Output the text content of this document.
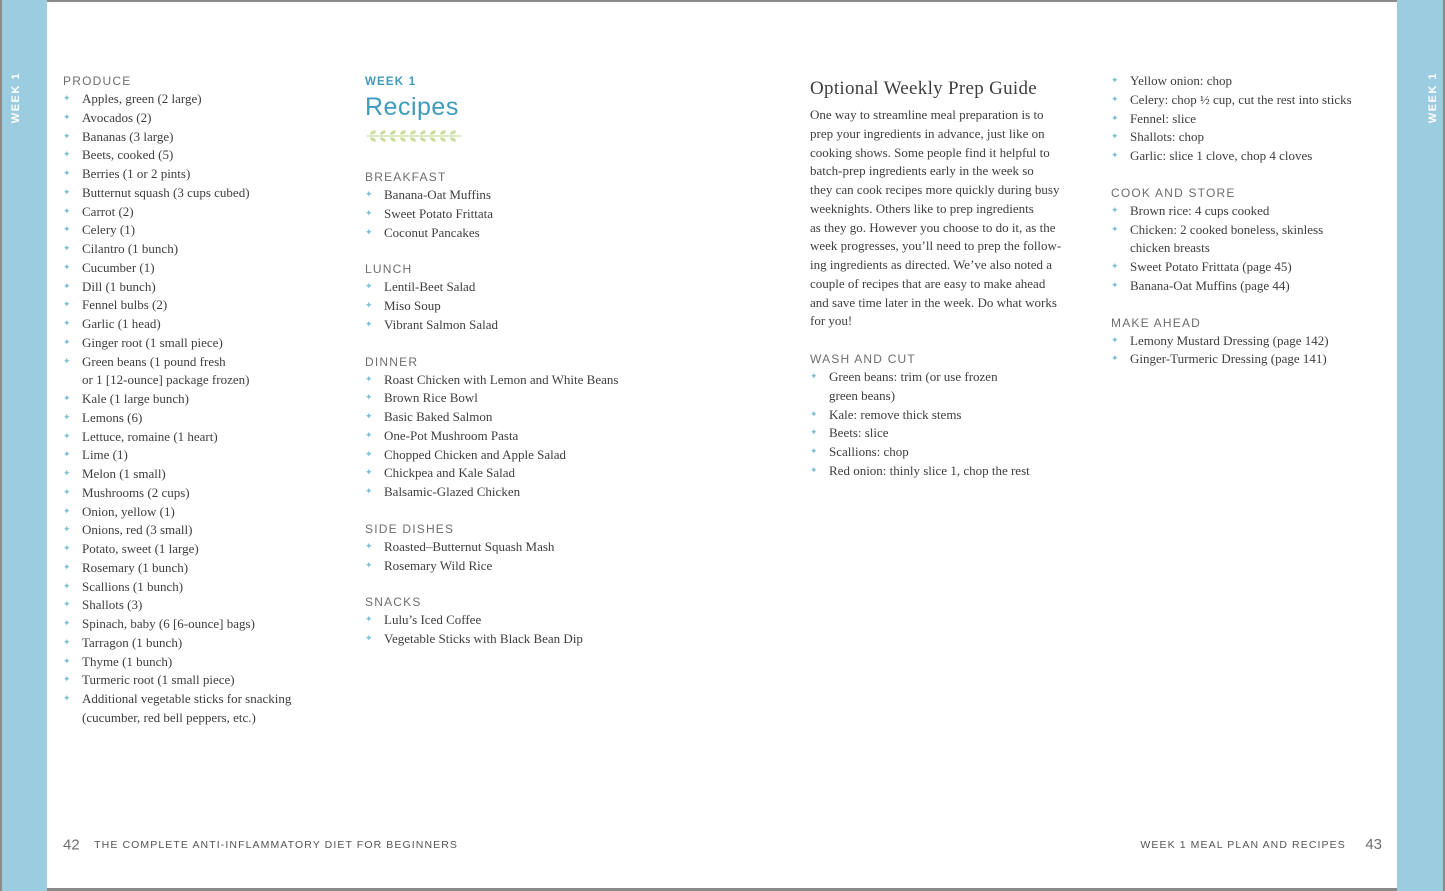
WEEK 1	WEEK 1
PRODUCE
✦ Apples, green (2 large)
✦ Avocados (2)
✦ Bananas (3 large)
✦ Beets, cooked (5)
✦ Berries (1 or 2 pints)
✦ Butternut squash (3 cups cubed)
✦ Carrot (2)
✦ Celery (1)
✦ Cilantro (1 bunch)
✦ Cucumber (1)
✦ Dill (1 bunch)
✦ Fennel bulbs (2)
✦ Garlic (1 head)
✦ Ginger root (1 small piece)
✦ Green beans (1 pound fresh
or 1 [12-ounce] package frozen)
✦ Kale (1 large bunch)
✦ Lemons (6)
✦ Lettuce, romaine (1 heart)
✦ Lime (1)
✦ Melon (1 small)
✦ Mushrooms (2 cups)
✦ Onion, yellow (1)
✦ Onions, red (3 small)
✦ Potato, sweet (1 large)
✦ Rosemary (1 bunch)
✦ Scallions (1 bunch)
✦ Shallots (3)
✦ Spinach, baby (6 [6-ounce] bags)
✦ Tarragon (1 bunch)
✦ Thyme (1 bunch)
✦ Turmeric root (1 small piece)
✦ Additional vegetable sticks for snacking
(cucumber, red bell peppers, etc.)
WEEK 1
Recipes
BREAKFAST
✦ Banana-Oat Muffins
✦ Sweet Potato Frittata
✦ Coconut Pancakes
LUNCH
✦ Lentil-Beet Salad
✦ Miso Soup
✦ Vibrant Salmon Salad
DINNER
✦ Roast Chicken with Lemon and White Beans
✦ Brown Rice Bowl
✦ Basic Baked Salmon
✦ One-Pot Mushroom Pasta
✦ Chopped Chicken and Apple Salad
✦ Chickpea and Kale Salad
✦ Balsamic-Glazed Chicken
SIDE DISHES
✦ Roasted–Butternut Squash Mash
✦ Rosemary Wild Rice
SNACKS
✦ Lulu’s Iced Coffee
✦ Vegetable Sticks with Black Bean Dip
Optional Weekly Prep Guide
One way to streamline meal preparation is to
prep your ingredients in advance, just like on
cooking shows. Some people find it helpful to
batch-prep ingredients early in the week so
they can cook recipes more quickly during busy
weeknights. Others like to prep ingredients
as they go. However you choose to do it, as the
week progresses, you’ll need to prep the follow-
ing ingredients as directed. We’ve also noted a
couple of recipes that are easy to make ahead
and save time later in the week. Do what works
for you!
WASH AND CUT
✦ Green beans: trim (or use frozen
green beans)
✦ Kale: remove thick stems
✦ Beets: slice
✦ Scallions: chop
✦ Red onion: thinly slice 1, chop the rest
✦ Yellow onion: chop
✦ Celery: chop ½ cup, cut the rest into sticks
✦ Fennel: slice
✦ Shallots: chop
✦ Garlic: slice 1 clove, chop 4 cloves
COOK AND STORE
✦ Brown rice: 4 cups cooked
✦ Chicken: 2 cooked boneless, skinless
chicken breasts
✦ Sweet Potato Frittata (page 45)
✦ Banana-Oat Muffins (page 44)
MAKE AHEAD
✦ Lemony Mustard Dressing (page 142)
✦ Ginger-Turmeric Dressing (page 141)
42 THE COMPLETE ANTI-INFLAMMATORY DIET FOR BEGINNERS	WEEK 1 MEAL PLAN AND RECIPES 43
